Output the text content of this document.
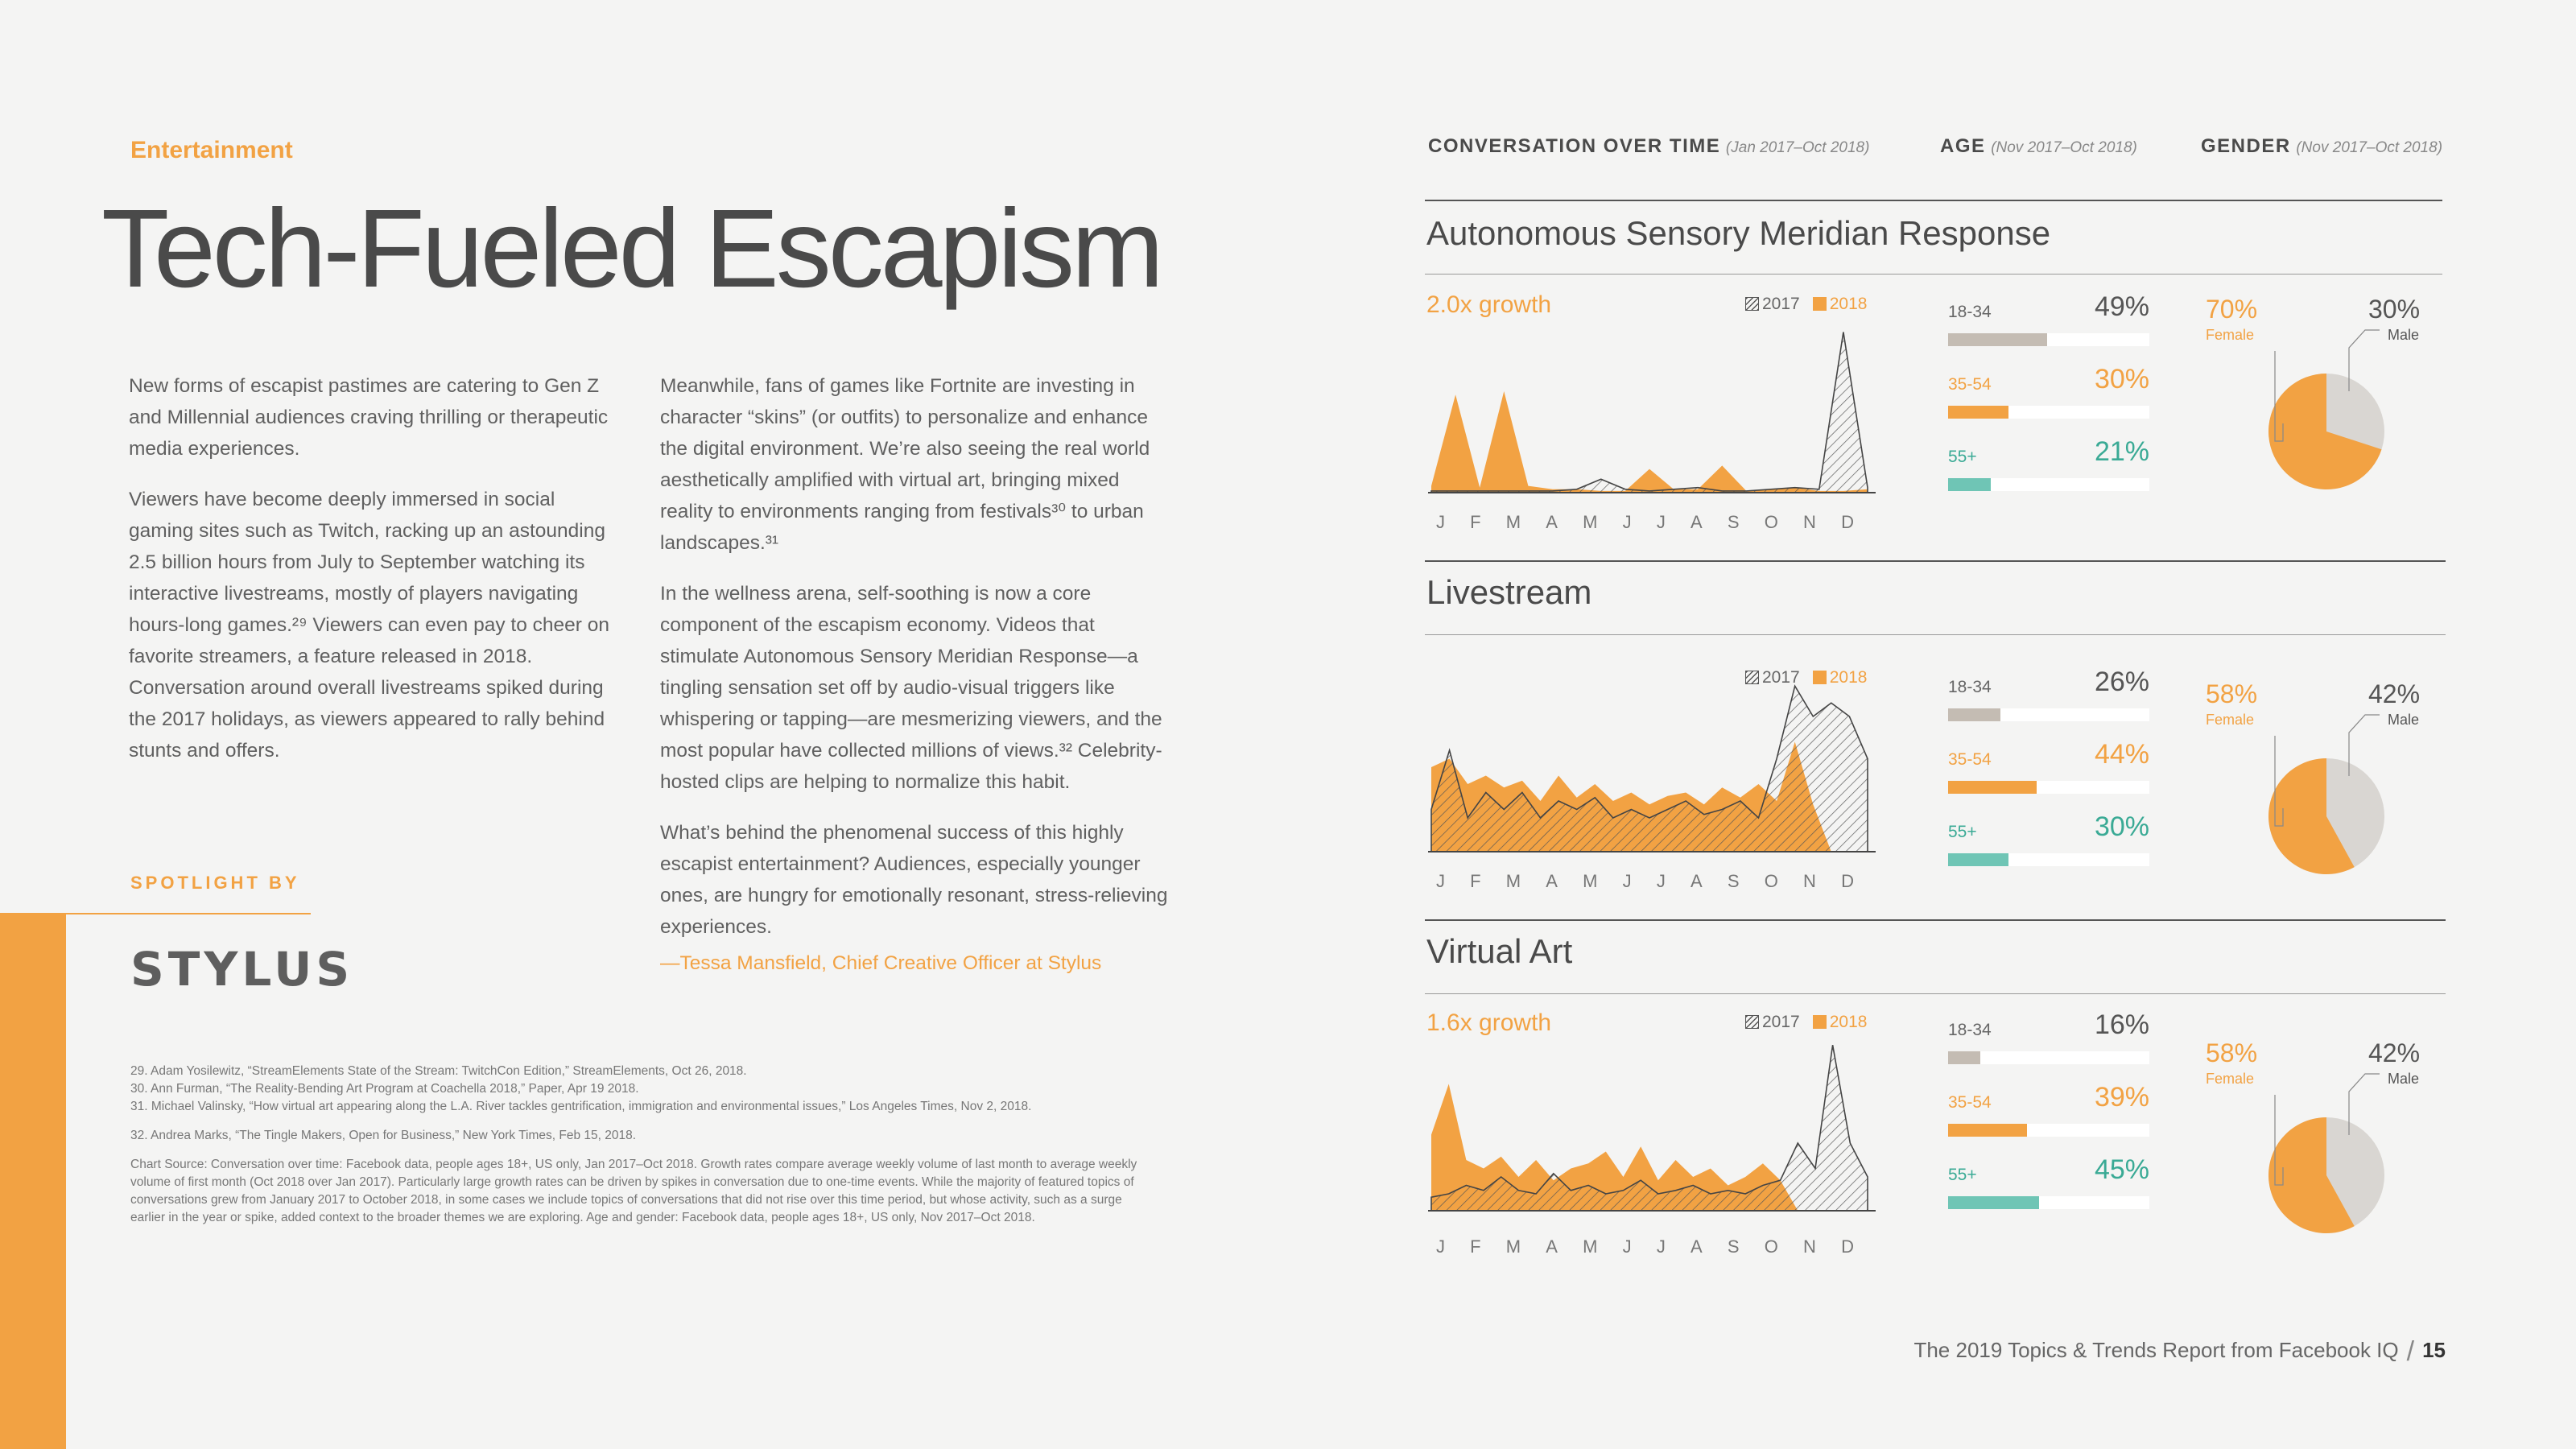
Entertainment
Tech-Fueled Escapism

New forms of escapist pastimes are catering to Gen Z and Millennial audiences craving thrilling or therapeutic media experiences.

Viewers have become deeply immersed in social gaming sites such as Twitch, racking up an astounding 2.5 billion hours from July to September watching its interactive livestreams, mostly of players navigating hours-long games.²⁹ Viewers can even pay to cheer on favorite streamers, a feature released in 2018. Conversation around overall livestreams spiked during the 2017 holidays, as viewers appeared to rally behind stunts and offers.

Meanwhile, fans of games like Fortnite are investing in character “skins” (or outfits) to personalize and enhance the digital environment. We’re also seeing the real world aesthetically amplified with virtual art, bringing mixed reality to environments ranging from festivals³⁰ to urban landscapes.³¹

In the wellness arena, self-soothing is now a core component of the escapism economy. Videos that stimulate Autonomous Sensory Meridian Response—a tingling sensation set off by audio-visual triggers like whispering or tapping—are mesmerizing viewers, and the most popular have collected millions of views.³² Celebrity-hosted clips are helping to normalize this habit.

What’s behind the phenomenal success of this highly escapist entertainment? Audiences, especially younger ones, are hungry for emotionally resonant, stress-relieving experiences.

—Tessa Mansfield, Chief Creative Officer at Stylus

SPOTLIGHT BY
STYLUS
29. Adam Yosilewitz, “StreamElements State of the Stream: TwitchCon Edition,” StreamElements, Oct 26, 2018.
30. Ann Furman, “The Reality-Bending Art Program at Coachella 2018,” Paper, Apr 19 2018.
31. Michael Valinsky, “How virtual art appearing along the L.A. River tackles gentrification, immigration and environmental issues,” Los Angeles Times, Nov 2, 2018.
32. Andrea Marks, “The Tingle Makers, Open for Business,” New York Times, Feb 15, 2018.
Chart Source: Conversation over time: Facebook data, people ages 18+, US only, Jan 2017–Oct 2018. Growth rates compare average weekly volume of last month to average weekly volume of first month (Oct 2018 over Jan 2017). Particularly large growth rates can be driven by spikes in conversation due to one-time events. While the majority of featured topics of conversations grew from January 2017 to October 2018, in some cases we include topics of conversations that did not rise over this time period, but whose activity, such as a surge earlier in the year or spike, added context to the broader themes we are exploring. Age and gender: Facebook data, people ages 18+, US only, Nov 2017–Oct 2018.
CONVERSATION OVER TIME (Jan 2017–Oct 2018)	AGE (Nov 2017–Oct 2018)	GENDER (Nov 2017–Oct 2018)
Autonomous Sensory Meridian Response
2.0x growth	2017 2018
J F M A M J J A S O N D
18-34	49%
35-54	30%
55+	21%
70%
Female
30%
Male
Livestream
2017 2018
J F M A M J J A S O N D
18-34	26%
35-54	44%
55+	30%
58%
Female
42%
Male
Virtual Art
1.6x growth	2017 2018
J F M A M J J A S O N D
18-34	16%
35-54	39%
55+	45%
58%
Female
42%
Male
The 2019 Topics & Trends Report from Facebook IQ / 15
